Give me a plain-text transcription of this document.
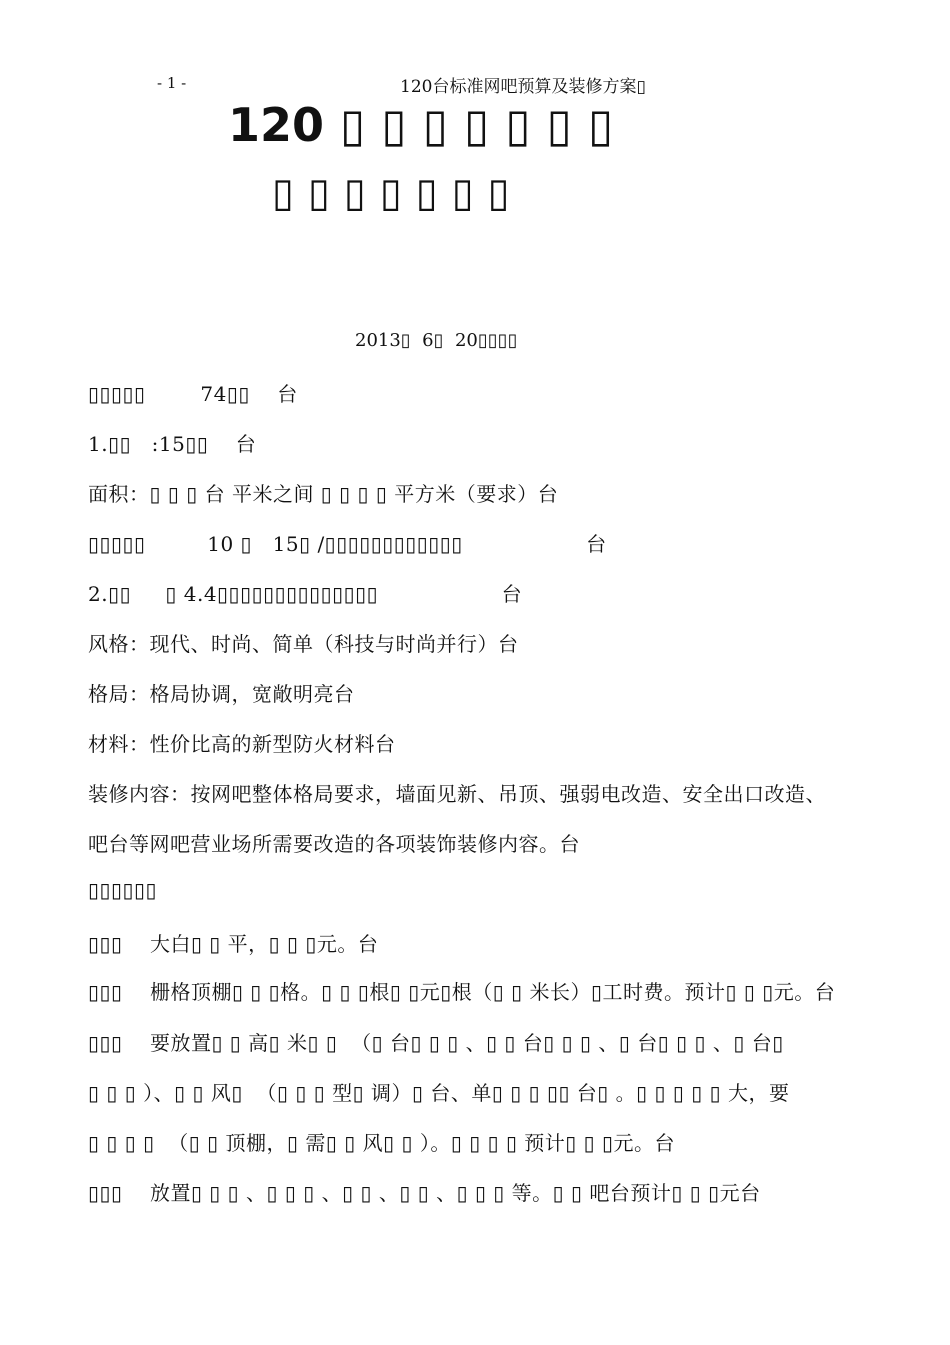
- 1 -	120台标准网吧预算及装修方案▯
120 ▯ ▯ ▯ ▯ ▯ ▯ ▯
▯ ▯ ▯ ▯ ▯ ▯ ▯
2013▯  6▯  20▯▯▯▯
▯▯▯▯▯        74▯▯    台
1.▯▯   :15▯▯    台
面积：▯ ▯ ▯ 台 平米之间 ▯ ▯ ▯ ▯ 平方米（要求）台
▯▯▯▯▯         10 ▯   15▯ /▯▯▯▯▯▯▯▯▯▯▯▯                  台
2.▯▯     ▯ 4.4▯▯▯▯▯▯▯▯▯▯▯▯▯▯                  台
风格：现代、时尚、简单（科技与时尚并行）台
格局：格局协调，宽敞明亮台
材料：性价比高的新型防火材料台
装修内容：按网吧整体格局要求，墙面见新、吊顶、强弱电改造、安全出口改造、
吧台等网吧营业场所需要改造的各项装饰装修内容。台
▯▯▯▯▯▯
▯▯▯    大白▯ ▯ 平，▯ ▯ ▯元。台
▯▯▯    栅格顶棚▯ ▯ ▯格。▯ ▯ ▯根▯ ▯元▯根（▯ ▯ 米长）▯工时费。预计▯ ▯ ▯元。台
▯▯▯    要放置▯ ▯ 高▯ 米▯ ▯  （▯ 台▯ ▯ ▯ 、▯ ▯ 台▯ ▯ ▯ 、▯ 台▯ ▯ ▯ 、▯ 台▯
▯ ▯ ▯ ）、▯ ▯ 风▯  （▯ ▯ ▯ 型▯ 调）▯ 台、单▯ ▯ ▯ ▯▯ 台▯ 。▯ ▯ ▯ ▯ ▯ 大，要
▯ ▯ ▯ ▯  （▯ ▯ 顶棚，▯ 需▯ ▯ 风▯ ▯ ）。▯ ▯ ▯ ▯ 预计▯ ▯ ▯元。台
▯▯▯    放置▯ ▯ ▯ 、▯ ▯ ▯ 、▯ ▯ 、▯ ▯ 、▯ ▯ ▯ 等。▯ ▯ 吧台预计▯ ▯ ▯元台
